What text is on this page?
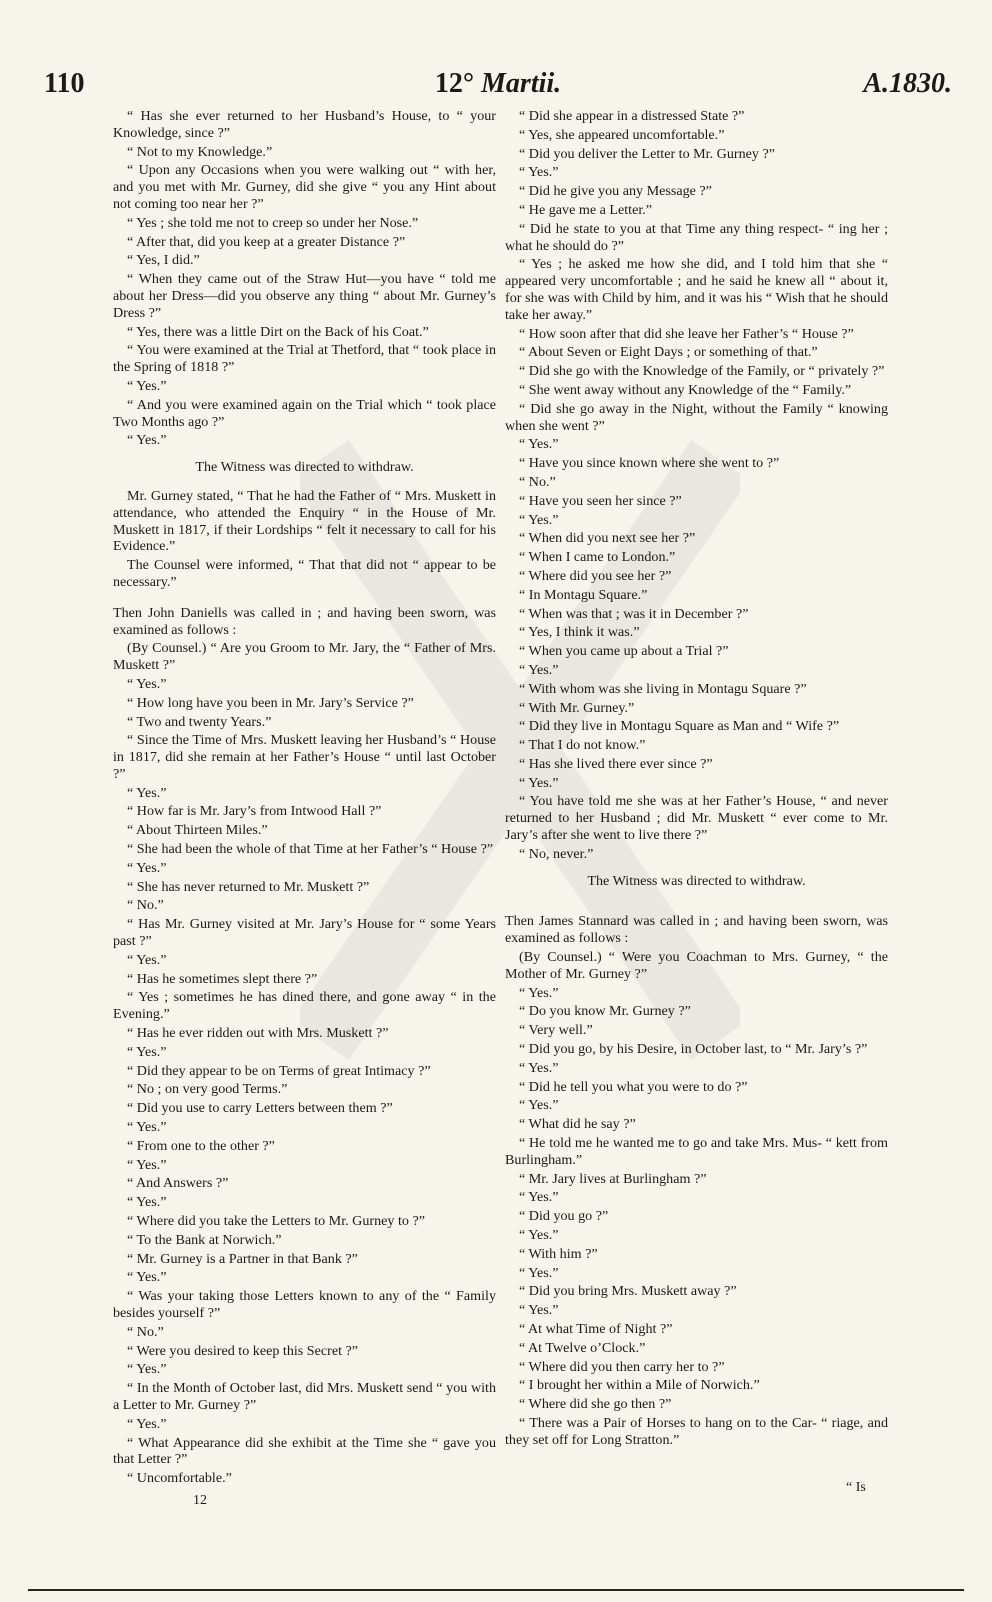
110	12° Martii.	A.1830.
“ Has she ever returned to her Husband’s House, to “ your Knowledge, since ?”
“ Not to my Knowledge.”
“ Upon any Occasions when you were walking out “ with her, and you met with Mr. Gurney, did she give “ you any Hint about not coming too near her ?”
“ Yes ; she told me not to creep so under her Nose.”
“ After that, did you keep at a greater Distance ?”
“ Yes, I did.”
“ When they came out of the Straw Hut—you have “ told me about her Dress—did you observe any thing “ about Mr. Gurney’s Dress ?”
“ Yes, there was a little Dirt on the Back of his Coat.”
“ You were examined at the Trial at Thetford, that “ took place in the Spring of 1818 ?”
“ Yes.”
“ And you were examined again on the Trial which “ took place Two Months ago ?”
“ Yes.”
The Witness was directed to withdraw.
Mr. Gurney stated, “ That he had the Father of “ Mrs. Muskett in attendance, who attended the Enquiry “ in the House of Mr. Muskett in 1817, if their Lordships “ felt it necessary to call for his Evidence.”
The Counsel were informed, “ That that did not “ appear to be necessary.”
Then John Daniells was called in ; and having been sworn, was examined as follows :
(By Counsel.) “ Are you Groom to Mr. Jary, the “ Father of Mrs. Muskett ?”
“ Yes.”
“ How long have you been in Mr. Jary’s Service ?”
“ Two and twenty Years.”
“ Since the Time of Mrs. Muskett leaving her Husband’s “ House in 1817, did she remain at her Father’s House “ until last October ?”
“ Yes.”
“ How far is Mr. Jary’s from Intwood Hall ?”
“ About Thirteen Miles.”
“ She had been the whole of that Time at her Father’s “ House ?”
“ Yes.”
“ She has never returned to Mr. Muskett ?”
“ No.”
“ Has Mr. Gurney visited at Mr. Jary’s House for “ some Years past ?”
“ Yes.”
“ Has he sometimes slept there ?”
“ Yes ; sometimes he has dined there, and gone away “ in the Evening.”
“ Has he ever ridden out with Mrs. Muskett ?”
“ Yes.”
“ Did they appear to be on Terms of great Intimacy ?”
“ No ; on very good Terms.”
“ Did you use to carry Letters between them ?”
“ Yes.”
“ From one to the other ?”
“ Yes.”
“ And Answers ?”
“ Yes.”
“ Where did you take the Letters to Mr. Gurney to ?”
“ To the Bank at Norwich.”
“ Mr. Gurney is a Partner in that Bank ?”
“ Yes.”
“ Was your taking those Letters known to any of the “ Family besides yourself ?”
“ No.”
“ Were you desired to keep this Secret ?”
“ Yes.”
“ In the Month of October last, did Mrs. Muskett send “ you with a Letter to Mr. Gurney ?”
“ Yes.”
“ What Appearance did she exhibit at the Time she “ gave you that Letter ?”
“ Uncomfortable.”
12
“ Did she appear in a distressed State ?”
“ Yes, she appeared uncomfortable.”
“ Did you deliver the Letter to Mr. Gurney ?”
“ Yes.”
“ Did he give you any Message ?”
“ He gave me a Letter.”
“ Did he state to you at that Time any thing respect- “ ing her ; what he should do ?”
“ Yes ; he asked me how she did, and I told him that she “ appeared very uncomfortable ; and he said he knew all “ about it, for she was with Child by him, and it was his “ Wish that he should take her away.”
“ How soon after that did she leave her Father’s “ House ?”
“ About Seven or Eight Days ; or something of that.”
“ Did she go with the Knowledge of the Family, or “ privately ?”
“ She went away without any Knowledge of the “ Family.”
“ Did she go away in the Night, without the Family “ knowing when she went ?”
“ Yes.”
“ Have you since known where she went to ?”
“ No.”
“ Have you seen her since ?”
“ Yes.”
“ When did you next see her ?”
“ When I came to London.”
“ Where did you see her ?”
“ In Montagu Square.”
“ When was that ; was it in December ?”
“ Yes, I think it was.”
“ When you came up about a Trial ?”
“ Yes.”
“ With whom was she living in Montagu Square ?”
“ With Mr. Gurney.”
“ Did they live in Montagu Square as Man and “ Wife ?”
“ That I do not know.”
“ Has she lived there ever since ?”
“ Yes.”
“ You have told me she was at her Father’s House, “ and never returned to her Husband ; did Mr. Muskett “ ever come to Mr. Jary’s after she went to live there ?”
“ No, never.”
The Witness was directed to withdraw.
Then James Stannard was called in ; and having been sworn, was examined as follows :
(By Counsel.) “ Were you Coachman to Mrs. Gurney, “ the Mother of Mr. Gurney ?”
“ Yes.”
“ Do you know Mr. Gurney ?”
“ Very well.”
“ Did you go, by his Desire, in October last, to “ Mr. Jary’s ?”
“ Yes.”
“ Did he tell you what you were to do ?”
“ Yes.”
“ What did he say ?”
“ He told me he wanted me to go and take Mrs. Mus- “ kett from Burlingham.”
“ Mr. Jary lives at Burlingham ?”
“ Yes.”
“ Did you go ?”
“ Yes.”
“ With him ?”
“ Yes.”
“ Did you bring Mrs. Muskett away ?”
“ Yes.”
“ At what Time of Night ?”
“ At Twelve o’Clock.”
“ Where did you then carry her to ?”
“ I brought her within a Mile of Norwich.”
“ Where did she go then ?”
“ There was a Pair of Horses to hang on to the Car- “ riage, and they set off for Long Stratton.”
“ Is
